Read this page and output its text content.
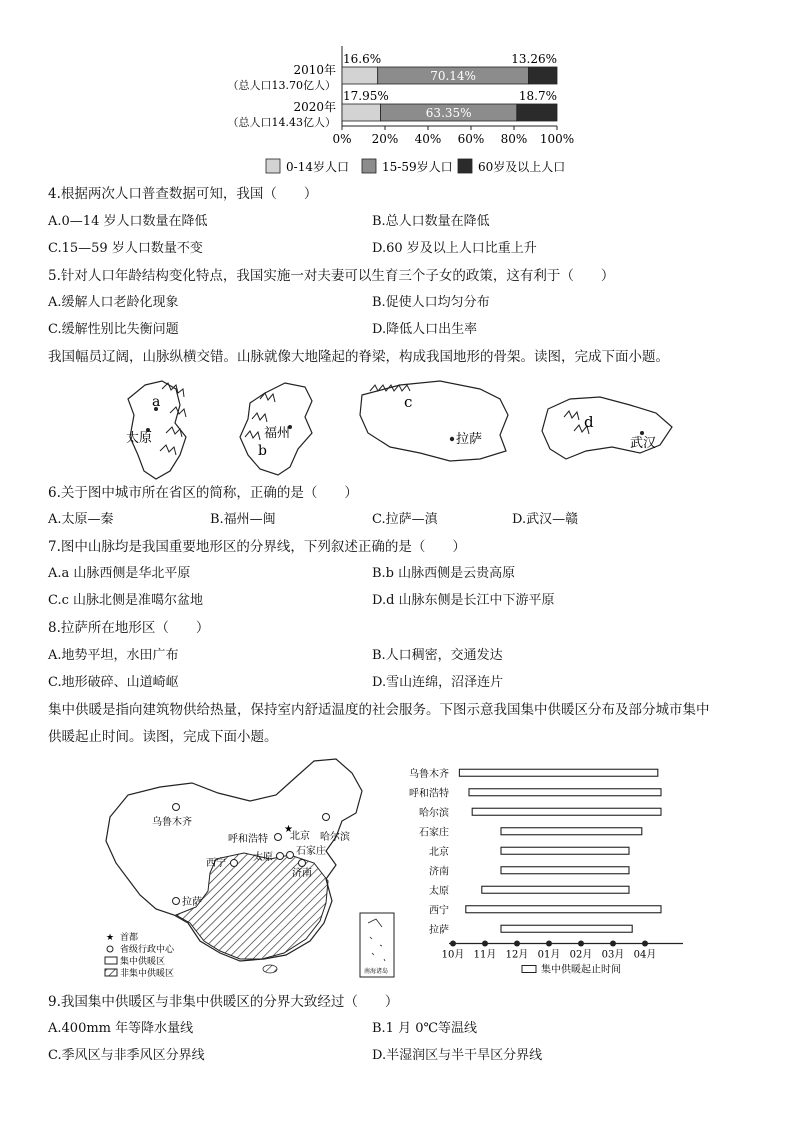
0% 20% 40% 60% 80% 100%
16.6%
70.14%
13.26%
2010年
（总人口13.70亿人）
17.95%
63.35%
18.7%
2020年
（总人口14.43亿人）
0-14岁人口	15-59岁人口 60岁及以上人口
4.根据两次人口普查数据可知，我国（　　）
A.0—14 岁人口数量在降低	B.总人口数量在降低
C.15—59 岁人口数量不变	D.60 岁及以上人口比重上升
5.针对人口年龄结构变化特点，我国实施一对夫妻可以生育三个子女的政策，这有利于（　　）
A.缓解人口老龄化现象	B.促使人口均匀分布
C.缓解性别比失衡问题	D.降低人口出生率
我国幅员辽阔，山脉纵横交错。山脉就像大地隆起的脊梁，构成我国地形的骨架。读图，完成下面小题。
a
太原	福州
b
c
拉萨
d
武汉
6.关于图中城市所在省区的简称，正确的是（　　）
A.太原—秦	B.福州—闽	C.拉萨—滇	D.武汉—赣
7.图中山脉均是我国重要地形区的分界线，下列叙述正确的是（　　）
A.a 山脉西侧是华北平原	B.b 山脉西侧是云贵高原
C.c 山脉北侧是准噶尔盆地	D.d 山脉东侧是长江中下游平原
8.拉萨所在地形区（　　）
A.地势平坦，水田广布	B.人口稠密，交通发达
C.地形破碎、山道崎岖	D.雪山连绵，沼泽连片
集中供暖是指向建筑物供给热量，保持室内舒适温度的社会服务。下图示意我国集中供暖区分布及部分城市集中
供暖起止时间。读图，完成下面小题。
乌鲁木齐
哈尔滨
呼和浩特
★
北京
石家庄
西宁
太原
济南
拉萨
★ 首都
省级行政中心
集中供暖区
非集中供暖区	南海诸岛
10月 11月 12月 01月 02月 03月 04月
乌鲁木齐
呼和浩特
哈尔滨
石家庄
北京
济南
太原
西宁
拉萨
集中供暖起止时间
9.我国集中供暖区与非集中供暖区的分界大致经过（　　）
A.400mm 年等降水量线	B.1 月 0℃等温线
C.季风区与非季风区分界线	D.半湿润区与半干旱区分界线
